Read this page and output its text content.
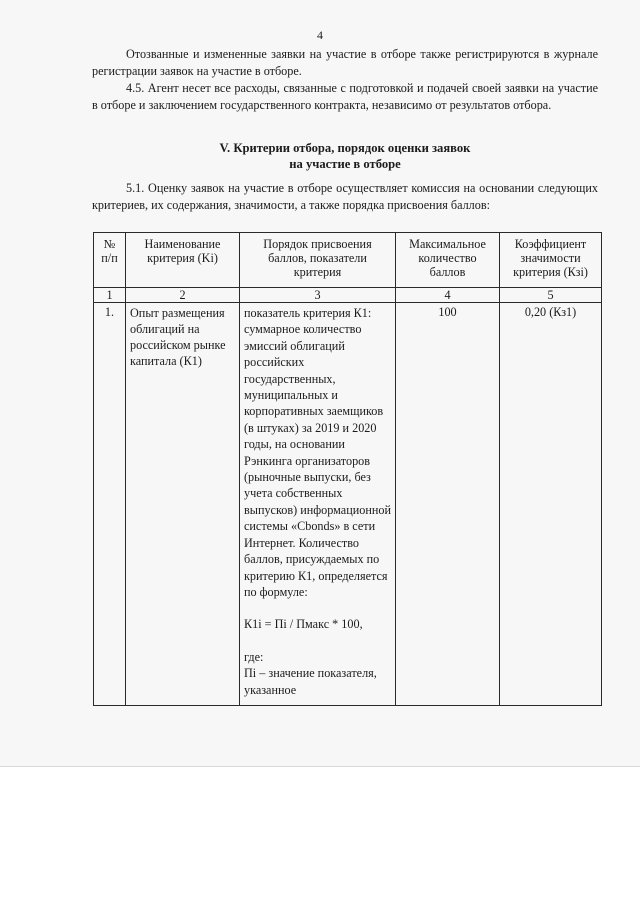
4
Отозванные и измененные заявки на участие в отборе также регистрируются в журнале регистрации заявок на участие в отборе.
4.5. Агент несет все расходы, связанные с подготовкой и подачей своей заявки на участие в отборе и заключением государственного контракта, независимо от результатов отбора.
V. Критерии отбора, порядок оценки заявок
на участие в отборе
5.1. Оценку заявок на участие в отборе осуществляет комиссия на основании следующих критериев, их содержания, значимости, а также порядка присвоения баллов:
№ п/п	Наименование критерия (Ki)	Порядок присвоения баллов, показатели критерия	Максимальное количество баллов	Коэффициент значимости критерия (Кзi)
1	2	3	4	5
1.	Опыт размещения облигаций на российском рынке капитала (К1)	показатель критерия К1: суммарное количество эмиссий облигаций российских государственных, муниципальных и корпоративных заемщиков (в штуках) за 2019 и 2020 годы, на основании Рэнкинга организаторов (рыночные выпуски, без учета собственных выпусков) информационной системы «Cbonds» в сети Интернет. Количество баллов, присуждаемых по критерию К1, определяется по формуле:
К1i = Пi / Пмакс * 100,
где:
Пi – значение показателя, указанное	100	0,20 (Кз1)
